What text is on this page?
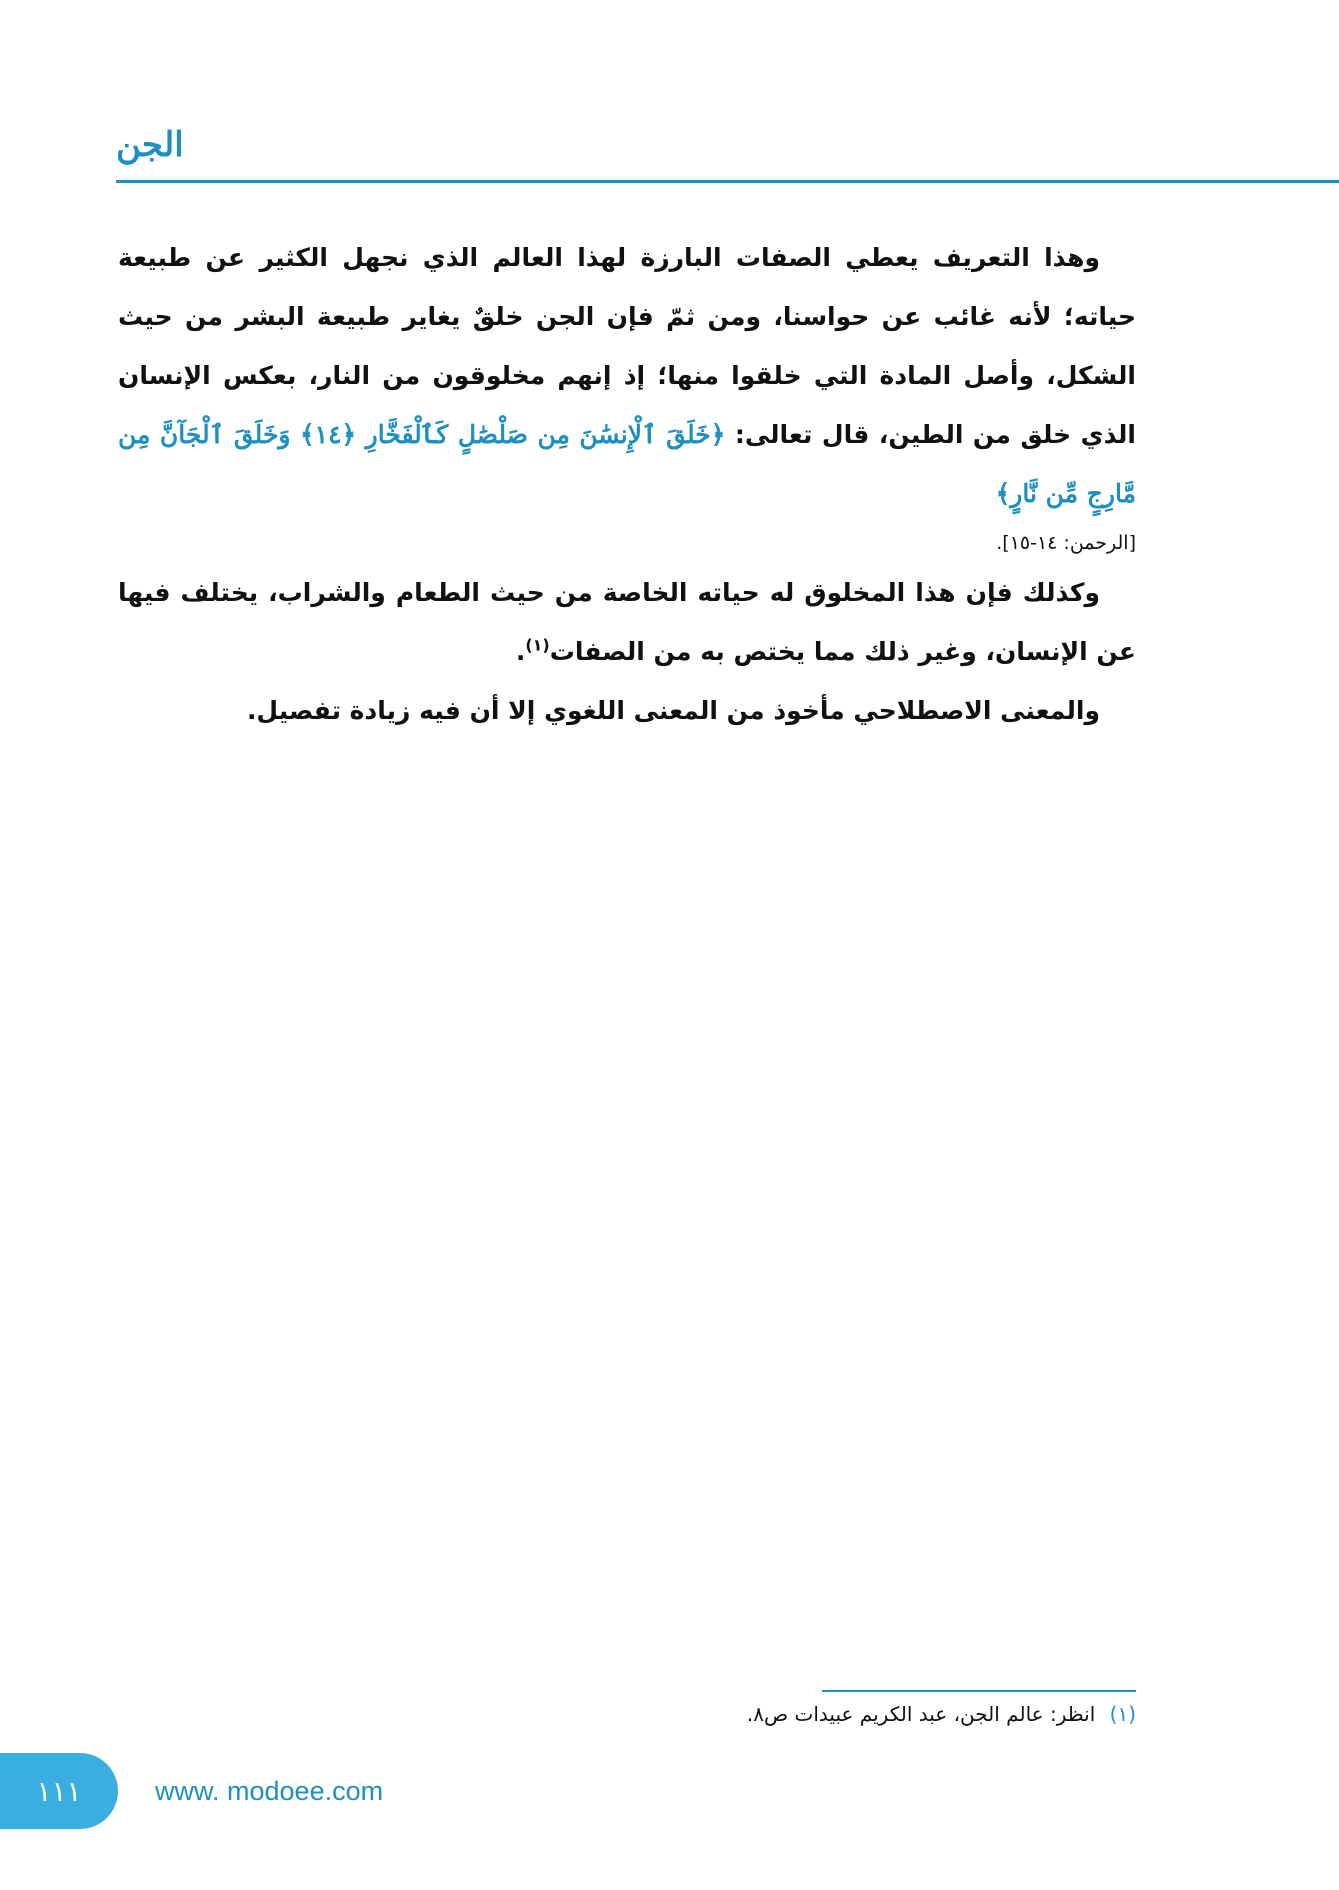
الجن

وهذا التعريف يعطي الصفات البارزة لهذا العالم الذي نجهل الكثير عن طبيعة حياته؛ لأنه غائب عن حواسنا، ومن ثمّ فإن الجن خلقٌ يغاير طبيعة البشر من حيث الشكل، وأصل المادة التي خلقوا منها؛ إذ إنهم مخلوقون من النار، بعكس الإنسان الذي خلق من الطين، قال تعالى: ﴿خَلَقَ ٱلْإِنسَٰنَ مِن صَلْصَٰلٍ كَٱلْفَخَّارِ ﴿١٤﴾ وَخَلَقَ ٱلْجَآنَّ مِن مَّارِجٍ مِّن نَّارٍ﴾
[الرحمن: ١٤-١٥].

وكذلك فإن هذا المخلوق له حياته الخاصة من حيث الطعام والشراب، يختلف فيها عن الإنسان، وغير ذلك مما يختص به من الصفات$^{(١)}$.

والمعنى الاصطلاحي مأخوذ من المعنى اللغوي إلا أن فيه زيادة تفصيل.

(١) انظر: عالم الجن، عبد الكريم عبيدات ص٨.
١١١	www. modoee.com
